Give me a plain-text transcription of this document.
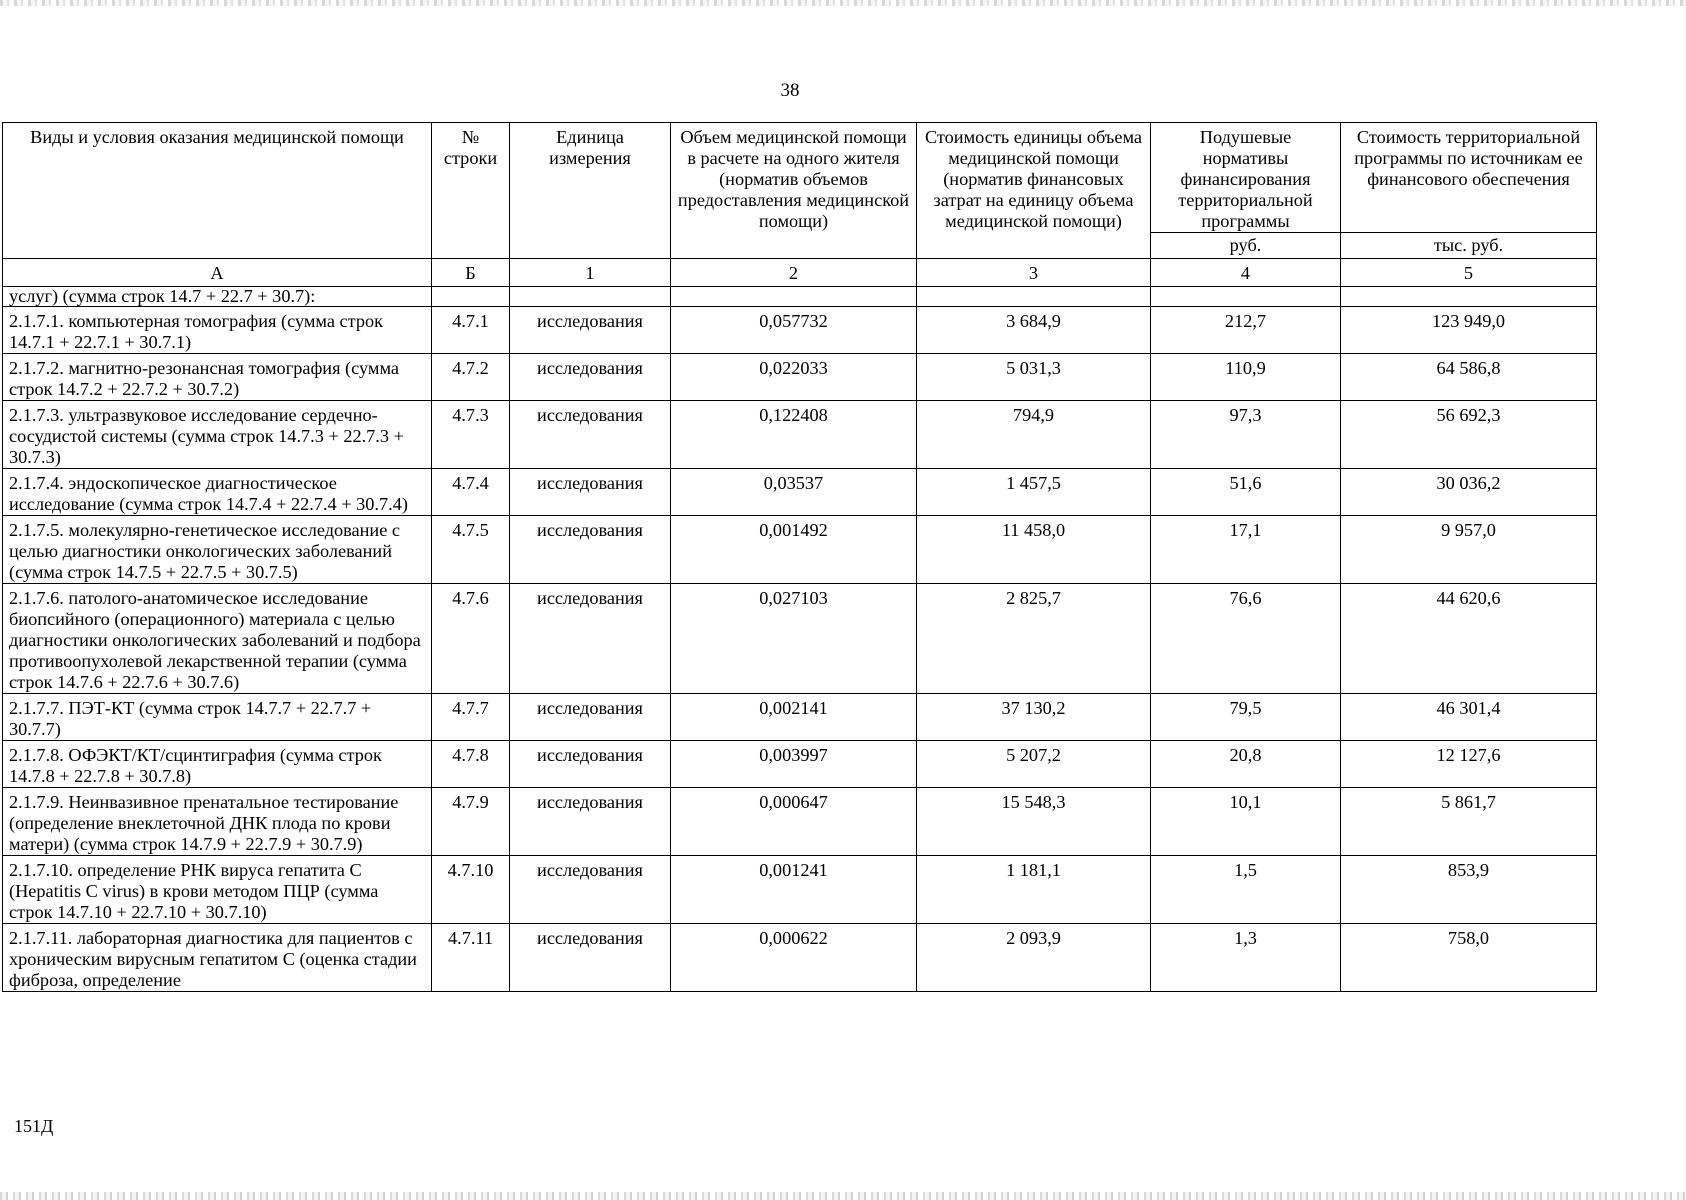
38
Виды и условия оказания медицинской помощи	№ строки	Единица измерения	Объем медицинской помощи в расчете на одного жителя (норматив объемов предоставления медицинской помощи)	Стоимость единицы объема медицинской помощи (норматив финансовых затрат на единицу объема медицинской помощи)	Подушевые нормативы финансирования территориальной программы	Стоимость территориальной программы по источникам ее финансового обеспечения
					руб.	тыс. руб.
А	Б	1	2	3	4	5
услуг) (сумма строк 14.7 + 22.7 + 30.7):						
2.1.7.1. компьютерная томография (сумма строк 14.7.1 + 22.7.1 + 30.7.1)	4.7.1	исследования	0,057732	3 684,9	212,7	123 949,0
2.1.7.2. магнитно-резонансная томография (сумма строк 14.7.2 + 22.7.2 + 30.7.2)	4.7.2	исследования	0,022033	5 031,3	110,9	64 586,8
2.1.7.3. ультразвуковое исследование сердечно-сосудистой системы (сумма строк 14.7.3 + 22.7.3 + 30.7.3)	4.7.3	исследования	0,122408	794,9	97,3	56 692,3
2.1.7.4. эндоскопическое диагностическое исследование (сумма строк 14.7.4 + 22.7.4 + 30.7.4)	4.7.4	исследования	0,03537	1 457,5	51,6	30 036,2
2.1.7.5. молекулярно-генетическое исследование с целью диагностики онкологических заболеваний (сумма строк 14.7.5 + 22.7.5 + 30.7.5)	4.7.5	исследования	0,001492	11 458,0	17,1	9 957,0
2.1.7.6. патолого-анатомическое исследование биопсийного (операционного) материала с целью диагностики онкологических заболеваний и подбора противоопухолевой лекарственной терапии (сумма строк 14.7.6 + 22.7.6 + 30.7.6)	4.7.6	исследования	0,027103	2 825,7	76,6	44 620,6
2.1.7.7. ПЭТ-КТ (сумма строк 14.7.7 + 22.7.7 + 30.7.7)	4.7.7	исследования	0,002141	37 130,2	79,5	46 301,4
2.1.7.8. ОФЭКТ/КТ/сцинтиграфия (сумма строк 14.7.8 + 22.7.8 + 30.7.8)	4.7.8	исследования	0,003997	5 207,2	20,8	12 127,6
2.1.7.9. Неинвазивное пренатальное тестирование (определение внеклеточной ДНК плода по крови матери) (сумма строк 14.7.9 + 22.7.9 + 30.7.9)	4.7.9	исследования	0,000647	15 548,3	10,1	5 861,7
2.1.7.10. определение РНК вируса гепатита С (Hepatitis C virus) в крови методом ПЦР (сумма строк 14.7.10 + 22.7.10 + 30.7.10)	4.7.10	исследования	0,001241	1 181,1	1,5	853,9
2.1.7.11. лабораторная диагностика для пациентов с хроническим вирусным гепатитом С (оценка стадии фиброза, определение	4.7.11	исследования	0,000622	2 093,9	1,3	758,0
151Д
